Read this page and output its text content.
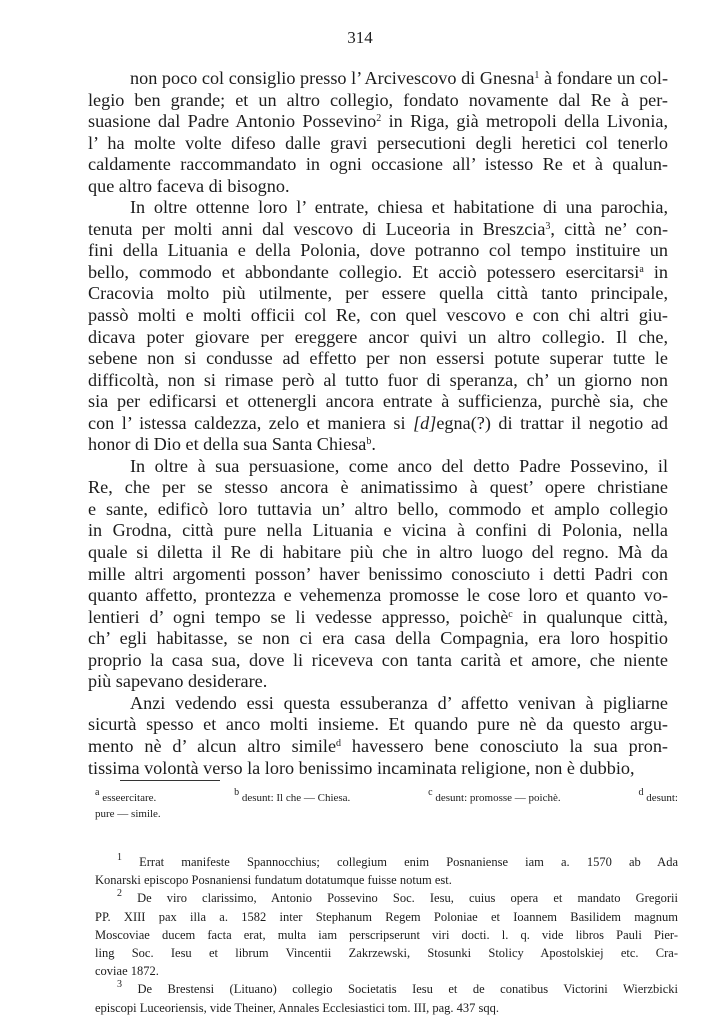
314
non poco col consiglio presso l’ Arcivescovo di Gnesna$^1$ à fondare un col-
legio ben grande; et un altro collegio, fondato novamente dal Re à per-
suasione dal Padre Antonio Possevino$^2$ in Riga, già metropoli della Livonia,
l’ ha molte volte difeso dalle gravi persecutioni degli heretici col tenerlo
caldamente raccommandato in ogni occasione all’ istesso Re et à qualun-
que altro faceva di bisogno.
In oltre ottenne loro l’ entrate, chiesa et habitatione di una parochia,
tenuta per molti anni dal vescovo di Luceoria in Breszcia$^3$, città ne’ con-
fini della Lituania e della Polonia, dove potranno col tempo instituire un
bello, commodo et abbondante collegio. Et acciò potessero esercitarsi$^a$ in
Cracovia molto più utilmente, per essere quella città tanto principale,
passò molti e molti officii col Re, con quel vescovo e con chi altri giu-
dicava poter giovare per ereggere ancor quivi un altro collegio. Il che,
sebene non si condusse ad effetto per non essersi potute superar tutte le
difficoltà, non si rimase però al tutto fuor di speranza, ch’ un giorno non
sia per edificarsi et ottenergli ancora entrate à sufficienza, purchè sia, che
con l’ istessa caldezza, zelo et maniera si [d]egna(?) di trattar il negotio ad
honor di Dio et della sua Santa Chiesa$^b$.
In oltre à sua persuasione, come anco del detto Padre Possevino, il
Re, che per se stesso ancora è animatissimo à quest’ opere christiane
e sante, edificò loro tuttavia un’ altro bello, commodo et amplo collegio
in Grodna, città pure nella Lituania e vicina à confini di Polonia, nella
quale si diletta il Re di habitare più che in altro luogo del regno. Mà da
mille altri argomenti posson’ haver benissimo conosciuto i detti Padri con
quanto affetto, prontezza e vehemenza promosse le cose loro et quanto vo-
lentieri d’ ogni tempo se li vedesse appresso, poichè$^c$ in qualunque città,
ch’ egli habitasse, se non ci era casa della Compagnia, era loro hospitio
proprio la casa sua, dove li riceveva con tanta carità et amore, che niente
più sapevano desiderare.
Anzi vedendo essi questa essuberanza d’ affetto venivan à pigliarne
sicurtà spesso et anco molti insieme. Et quando pure nè da questo argu-
mento nè d’ alcun altro simile$^d$ havessero bene conosciuto la sua pron-
tissima volontà verso la loro benissimo incaminata religione, non è dubbio,
$^a$ esseercitare.	$^b$ desunt: Il che — Chiesa.	$^c$ desunt: promosse — poichè.	$^d$ desunt:
pure — simile.
$^1$ Errat manifeste Spannocchius; collegium enim Posnaniense iam a. 1570 ab Ada
Konarski episcopo Posnaniensi fundatum dotatumque fuisse notum est.
$^2$ De viro clarissimo, Antonio Possevino Soc. Iesu, cuius opera et mandato Gregorii
PP. XIII pax illa a. 1582 inter Stephanum Regem Poloniae et Ioannem Basilidem magnum
Moscoviae ducem facta erat, multa iam perscripserunt viri docti. l. q. vide libros Pauli Pier-
ling Soc. Iesu et librum Vincentii Zakrzewski, Stosunki Stolicy Apostolskiej etc. Cra-
coviae 1872.
$^3$ De Brestensi (Lituano) collegio Societatis Iesu et de conatibus Victorini Wierzbicki
episcopi Luceoriensis, vide Theiner, Annales Ecclesiastici tom. III, pag. 437 sqq.
